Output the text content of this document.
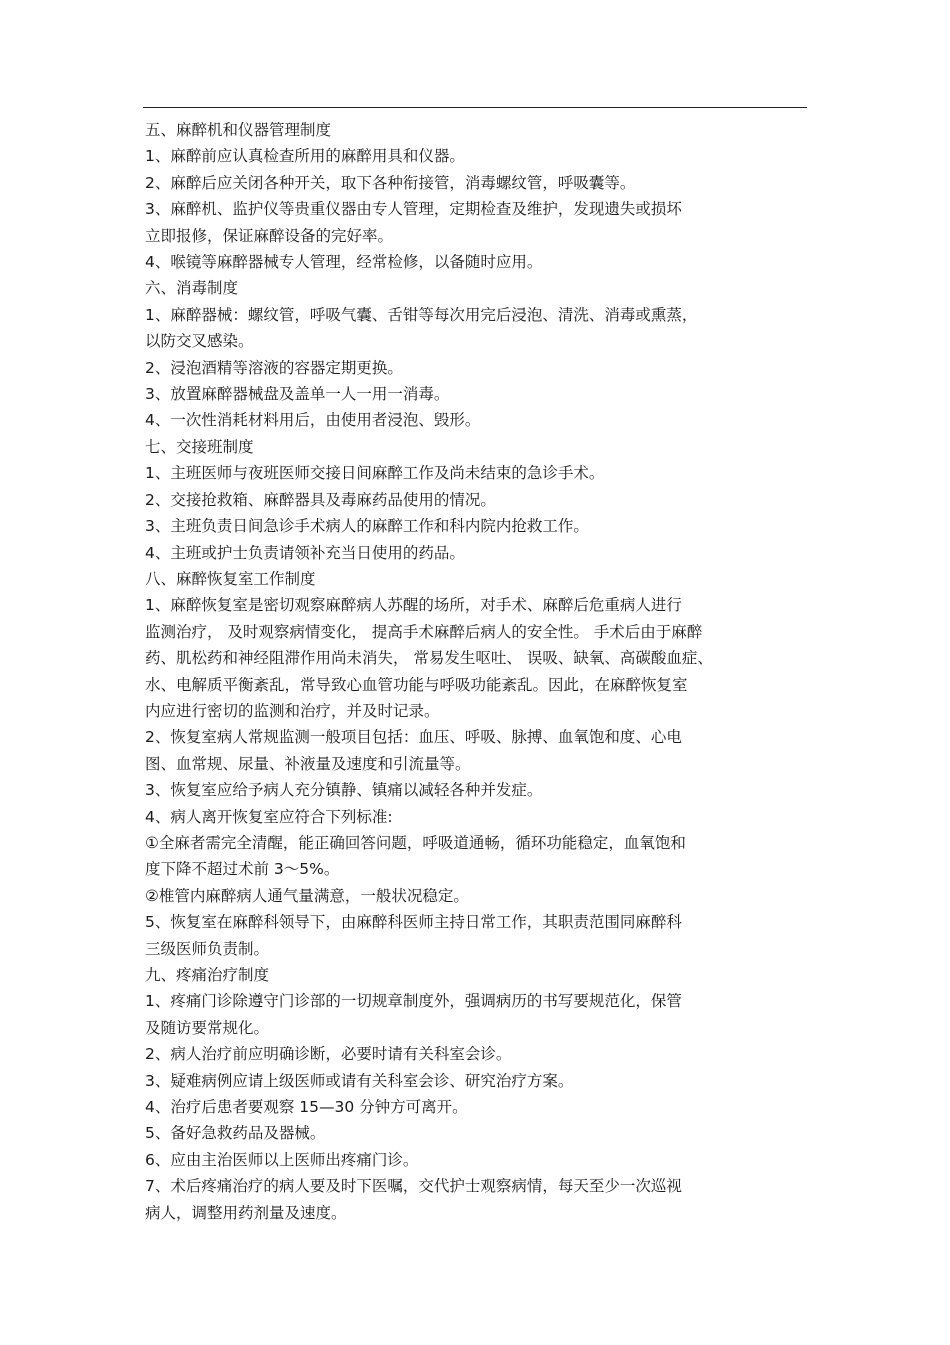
五、麻醉机和仪器管理制度

1、麻醉前应认真检查所用的麻醉用具和仪器。

2、麻醉后应关闭各种开关，取下各种衔接管，消毒螺纹管，呼吸囊等。

3、麻醉机、监护仪等贵重仪器由专人管理，定期检查及维护，发现遗失或损坏

立即报修，保证麻醉设备的完好率。

4、喉镜等麻醉器械专人管理，经常检修，以备随时应用。

六、消毒制度

1、麻醉器械：螺纹管，呼吸气囊、舌钳等每次用完后浸泡、清洗、消毒或熏蒸，

以防交叉感染。

2、浸泡酒精等溶液的容器定期更换。

3、放置麻醉器械盘及盖单一人一用一消毒。

4、一次性消耗材料用后，由使用者浸泡、毁形。

七、交接班制度

1、主班医师与夜班医师交接日间麻醉工作及尚未结束的急诊手术。

2、交接抢救箱、麻醉器具及毒麻药品使用的情况。

3、主班负责日间急诊手术病人的麻醉工作和科内院内抢救工作。

4、主班或护士负责请领补充当日使用的药品。

八、麻醉恢复室工作制度

1、麻醉恢复室是密切观察麻醉病人苏醒的场所，对手术、麻醉后危重病人进行

监测治疗， 及时观察病情变化， 提高手术麻醉后病人的安全性。 手术后由于麻醉

药、肌松药和神经阻滞作用尚未消失， 常易发生呕吐、 误吸、缺氧、高碳酸血症、

水、电解质平衡紊乱，常导致心血管功能与呼吸功能紊乱。因此，在麻醉恢复室

内应进行密切的监测和治疗，并及时记录。

2、恢复室病人常规监测一般项目包括：血压、呼吸、脉搏、血氧饱和度、心电

图、血常规、尿量、补液量及速度和引流量等。

3、恢复室应给予病人充分镇静、镇痛以减轻各种并发症。

4、病人离开恢复室应符合下列标准:

①全麻者需完全清醒，能正确回答问题，呼吸道通畅，循环功能稳定，血氧饱和

度下降不超过术前 3～5%。

②椎管内麻醉病人通气量满意，一般状况稳定。

5、恢复室在麻醉科领导下，由麻醉科医师主持日常工作，其职责范围同麻醉科

三级医师负责制。

九、疼痛治疗制度

1、疼痛门诊除遵守门诊部的一切规章制度外，强调病历的书写要规范化，保管

及随访要常规化。

2、病人治疗前应明确诊断，必要时请有关科室会诊。

3、疑难病例应请上级医师或请有关科室会诊、研究治疗方案。

4、治疗后患者要观察 15—30 分钟方可离开。

5、备好急救药品及器械。

6、应由主治医师以上医师出疼痛门诊。

7、术后疼痛治疗的病人要及时下医嘱，交代护士观察病情，每天至少一次巡视

病人，调整用药剂量及速度。
